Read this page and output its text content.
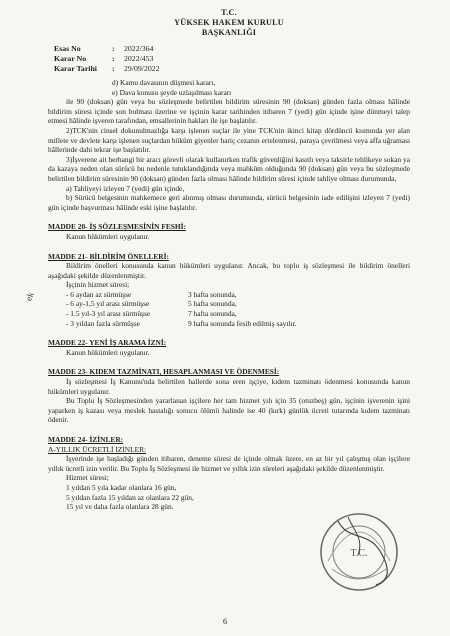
T.C.
YÜKSEK HAKEM KURULU
BAŞKANLIĞI
Esas No	:	2022/364
Karar No	:	2022/453
Karar Tarihi	:	29/09/2022

d) Kamu davasının düşmesi kararı,

e) Dava konusu şeyde uzlaşılması kararı

ile 90 (doksan) gün veya bu sözleşmede belirtilen bildirim süresinin 90 (doksan) günden fazla olması hâlinde bildirim süresi içinde son bulması üzerine ve işçinin karar tarihinden itibaren 7 (yedi) gün içinde işine dönmeyi talep etmesi hâlinde işveren tarafından, emsallerinin hakları ile işe başlatılır.

2)TCK'nin cinsel dokunulmazlığa karşı işlenen suçlar ile yine TCK'nin ikinci kitap dördüncü kısmında yer alan millete ve devlete karşı işlenen suçlardan hüküm giyenler hariç cezanın ertelenmesi, paraya çevrilmesi veya affa uğraması hâllerinde dahi tekrar işe başlatılır.

3)İşverene ait herhangi bir aracı görevli olarak kullanırken trafik güvenliğini kasıtlı veya taksirle tehlikeye sokan ya da kazaya neden olan sürücü bu nedenle tutuklandığında veya mahkûm olduğunda 90 (doksan) gün veya bu sözleşmede belirtilen bildirim süresinin 90 (doksan) günden fazla olması hâlinde bildirim süresi içinde tahliye olması durumunda,

a) Tahliyeyi izleyen 7 (yedi) gün içinde,

b) Sürücü belgesinin mahkemece geri alınmış olması durumunda, sürücü belgesinin iade edilişini izleyen 7 (yedi) gün içinde başvurması hâlinde eski işine başlatılır.

MADDE 20- İŞ SÖZLEŞMESİNİN FESHİ:

Kanun hükümleri uygulanır.

MADDE 21- BİLDİRİM ÖNELLERİ:

Bildirim önelleri konusunda kanun hükümleri uygulanır. Ancak, bu toplu iş sözleşmesi ile bildirim önelleri aşağıdaki şekilde düzenlenmiştir.

İşçinin hizmet süresi;

- 6 aydan az sürmüşse	3 hafta sonunda,
- 6 ay-1,5 yıl arası sürmüşse	5 hafta sonunda,
- 1.5 yıl-3 yıl arası sürmüşse	7 hafta sonunda,
- 3 yıldan fazla sürmüşse	9 hafta sonunda fesih edilmiş sayılır.

MADDE 22- YENİ İŞ ARAMA İZNİ:

Kanun hükümleri uygulanır.

MADDE 23- KIDEM TAZMİNATI, HESAPLANMASI VE ÖDENMESİ:

İş sözleşmesi İş Kanunu'nda belirtilen hallerde sona eren işçiye, kıdem tazminatı ödenmesi konusunda kanun hükümleri uygulanır.

Bu Toplu İş Sözleşmesinden yararlanan işçilere her tam hizmet yılı için 35 (otuzbeş) gün, işçinin işverenin işini yaparken iş kazası veya meslek hastalığı sonucu ölümü halinde ise 40 (kırk) günlük ücreti tutarında kıdem tazminatı ödenir.

MADDE 24- İZİNLER:

A-YILLIK ÜCRETLİ İZİNLER:

İşyerinde işe başladığı günden itibaren, deneme süresi de içinde olmak üzere, en az bir yıl çalışmış olan işçilere yıllık ücretli izin verilir. Bu Toplu İş Sözleşmesi ile hizmet ve yıllık izin süreleri aşağıdaki şekilde düzenlenmiştir.

Hizmet süresi;

1 yıldan 5 yıla kadar olanlara 16 gün,

5 yıldan fazla 15 yıldan az olanlara 22 gün,

15 yıl ve daha fazla olanlara 28 gün.

ek
T.C.
6
